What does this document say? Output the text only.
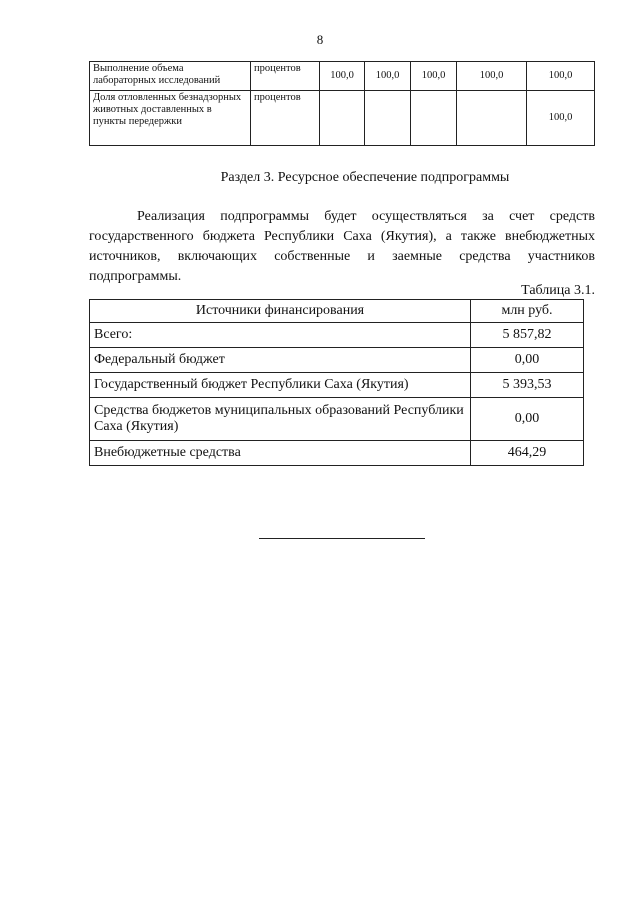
8
Выполнение объема лабораторных исследований	процентов	100,0	100,0	100,0	100,0	100,0
Доля отловленных безнадзорных животных доставленных в пункты передержки	процентов					100,0
Раздел 3. Ресурсное обеспечение подпрограммы

Реализация подпрограммы будет осуществляться за счет средств государственного бюджета Республики Саха (Якутия), а также внебюджетных источников, включающих собственные и заемные средства участников подпрограммы.

Таблица 3.1.
Источники финансирования	млн руб.
Всего:	5 857,82
Федеральный бюджет	0,00
Государственный бюджет Республики Саха (Якутия)	5 393,53
Средства бюджетов муниципальных образований Республики Саха (Якутия)	0,00
Внебюджетные средства	464,29
